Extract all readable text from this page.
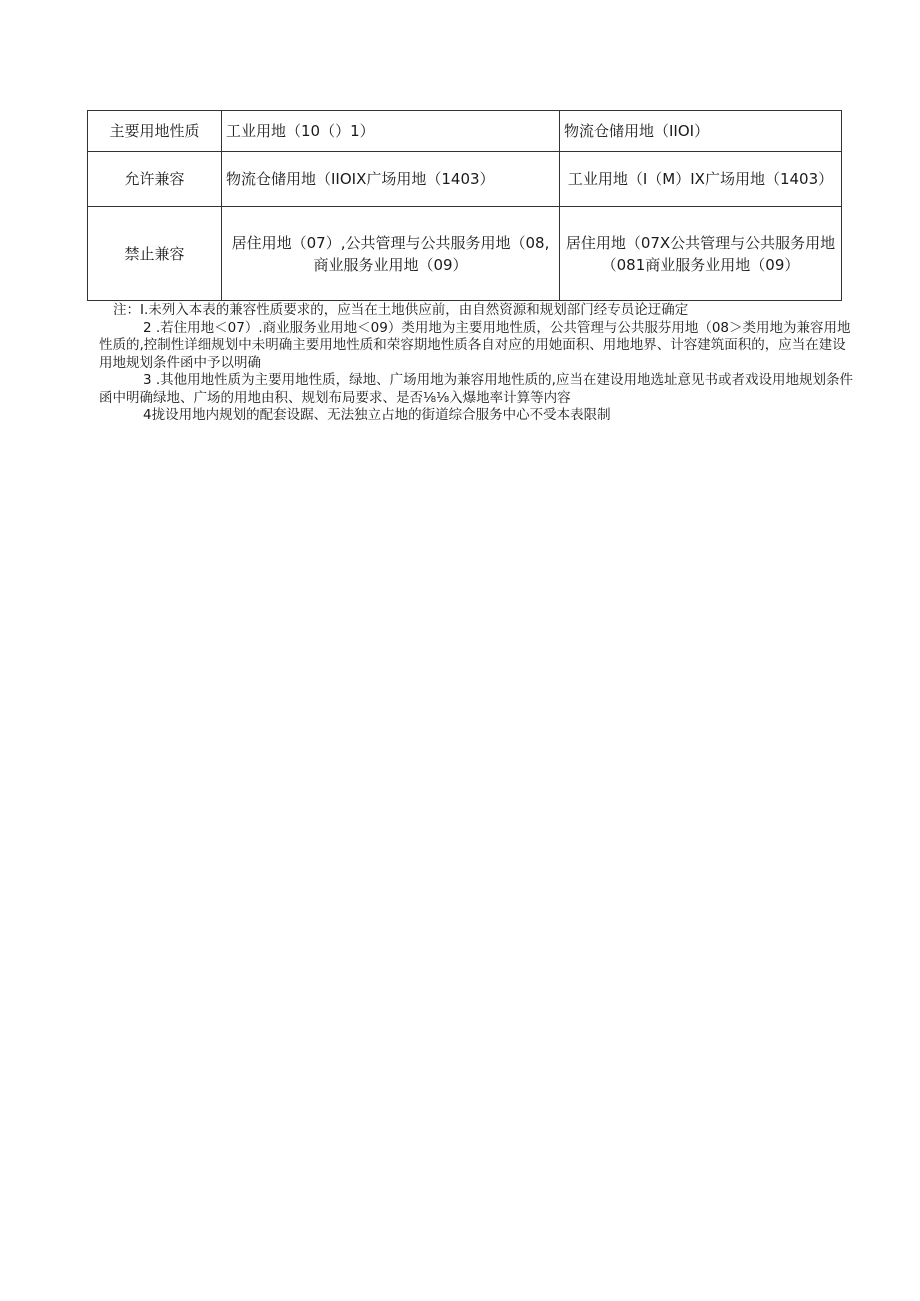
主要用地性质	工业用地（10（）1）	物流仓储用地（IIOI）
允许兼容	物流仓储用地（IIOIX广场用地（1403）	工业用地（I（M）IX广场用地（1403）
禁止兼容	居住用地（07）,公共管理与公共服务用地（08,商业服务业用地（09）	居住用地（07X公共管理与公共服务用地（081商业服务业用地（09）

注：I.未列入本表的兼容性质要求的，应当在土地供应前，由自然资源和规划部门经专员论迂确定

2 .若住用地＜07）.商业服务业用地＜09）类用地为主要用地性质，公共管理与公共服芬用地（08＞类用地为兼容用地性质的,控制性详细规划中未明确主要用地性质和荣容期地性质各自对应的用她面积、用地地界、计容建筑面积的，应当在建设用地规划条件函中予以明确

3 .其他用地性质为主要用地性质，绿地、广场用地为兼容用地性质的,应当在建设用地选址意见书或者戏设用地规划条件函中明确绿地、广场的用地由积、规划布局要求、是否⅛⅛入爆地率计算等内容

4拢设用地内规划的配套设踞、无法独立占地的街道综合服务中心不受本表限制
